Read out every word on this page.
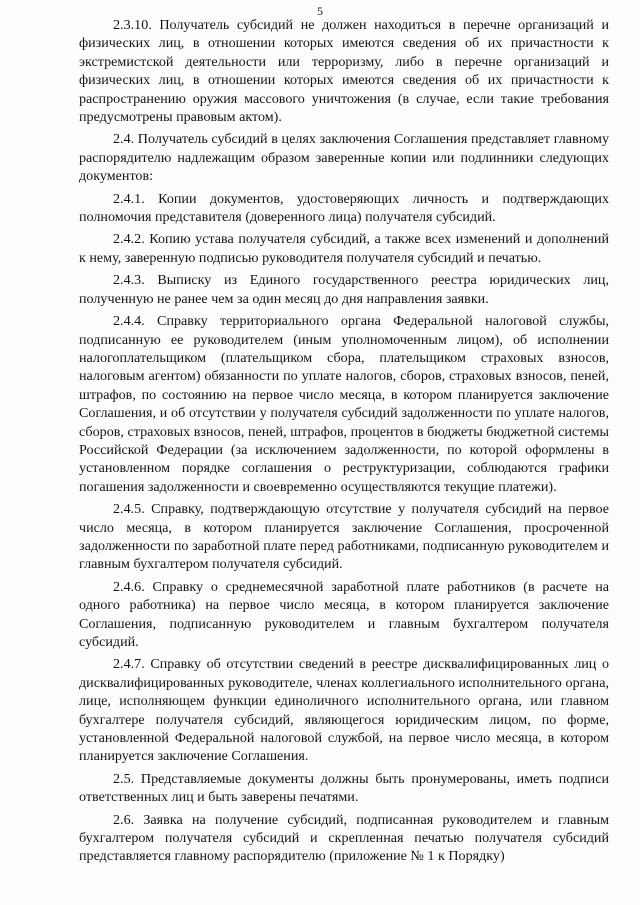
5

2.3.10. Получатель субсидий не должен находиться в перечне организаций и физических лиц, в отношении которых имеются сведения об их причастности к экстремистской деятельности или терроризму, либо в перечне организаций и физических лиц, в отношении которых имеются сведения об их причастности к распространению оружия массового уничтожения (в случае, если такие требования предусмотрены правовым актом).

2.4. Получатель субсидий в целях заключения Соглашения представляет главному распорядителю надлежащим образом заверенные копии или подлинники следующих документов:

2.4.1. Копии документов, удостоверяющих личность и подтверждающих полномочия представителя (доверенного лица) получателя субсидий.

2.4.2. Копию устава получателя субсидий, а также всех изменений и дополнений к нему, заверенную подписью руководителя получателя субсидий и печатью.

2.4.3. Выписку из Единого государственного реестра юридических лиц, полученную не ранее чем за один месяц до дня направления заявки.

2.4.4. Справку территориального органа Федеральной налоговой службы, подписанную ее руководителем (иным уполномоченным лицом), об исполнении налогоплательщиком (плательщиком сбора, плательщиком страховых взносов, налоговым агентом) обязанности по уплате налогов, сборов, страховых взносов, пеней, штрафов, по состоянию на первое число месяца, в котором планируется заключение Соглашения, и об отсутствии у получателя субсидий задолженности по уплате налогов, сборов, страховых взносов, пеней, штрафов, процентов в бюджеты бюджетной системы Российской Федерации (за исключением задолженности, по которой оформлены в установленном порядке соглашения о реструктуризации, соблюдаются графики погашения задолженности и своевременно осуществляются текущие платежи).

2.4.5. Справку, подтверждающую отсутствие у получателя субсидий на первое число месяца, в котором планируется заключение Соглашения, просроченной задолженности по заработной плате перед работниками, подписанную руководителем и главным бухгалтером получателя субсидий.

2.4.6. Справку о среднемесячной заработной плате работников (в расчете на одного работника) на первое число месяца, в котором планируется заключение Соглашения, подписанную руководителем и главным бухгалтером получателя субсидий.

2.4.7. Справку об отсутствии сведений в реестре дисквалифицированных лиц о дисквалифицированных руководителе, членах коллегиального исполнительного органа, лице, исполняющем функции единоличного исполнительного органа, или главном бухгалтере получателя субсидий, являющегося юридическим лицом, по форме, установленной Федеральной налоговой службой, на первое число месяца, в котором планируется заключение Соглашения.

2.5. Представляемые документы должны быть пронумерованы, иметь подписи ответственных лиц и быть заверены печатями.

2.6. Заявка на получение субсидий, подписанная руководителем и главным бухгалтером получателя субсидий и скрепленная печатью получателя субсидий представляется главному распорядителю (приложение № 1 к Порядку)
